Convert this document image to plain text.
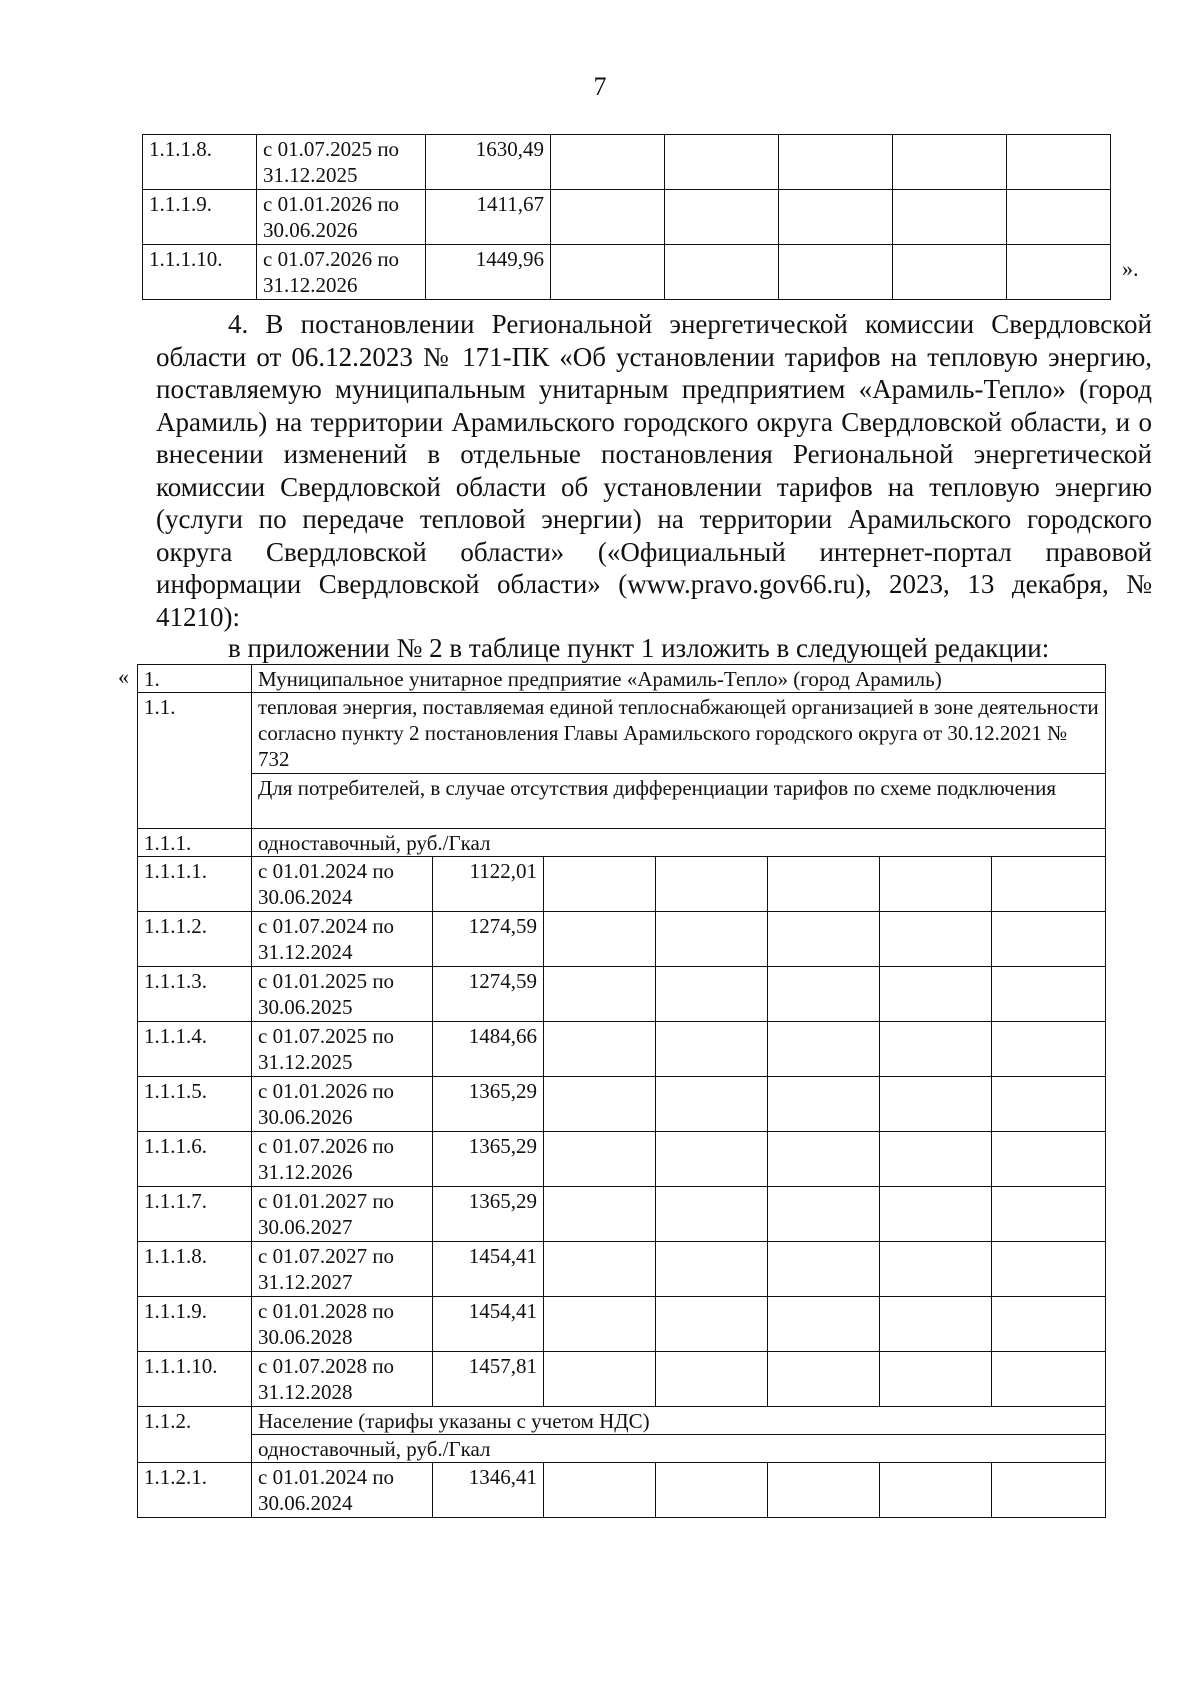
7
1.1.1.8.	с 01.07.2025 по 31.12.2025	1630,49					
1.1.1.9.	с 01.01.2026 по 30.06.2026	1411,67					
1.1.1.10.	с 01.07.2026 по 31.12.2026	1449,96						».

4. В постановлении Региональной энергетической комиссии Свердловской области от 06.12.2023 № 171-ПК «Об установлении тарифов на тепловую энергию, поставляемую муниципальным унитарным предприятием «Арамиль-Тепло» (город Арамиль) на территории Арамильского городского округа Свердловской области, и о внесении изменений в отдельные постановления Региональной энергетической комиссии Свердловской области об установлении тарифов на тепловую энергию (услуги по передаче тепловой энергии) на территории Арамильского городского округа Свердловской области» («Официальный интернет-портал правовой информации Свердловской области» (www.pravo.gov66.ru), 2023, 13 декабря, № 41210):

в приложении № 2 в таблице пункт 1 изложить в следующей редакции:

« 1.	Муниципальное унитарное предприятие «Арамиль-Тепло» (город Арамиль)						
1.1.	тепловая энергия, поставляемая единой теплоснабжающей организацией в зоне деятельности согласно пункту 2 постановления Главы Арамильского городского округа от 30.12.2021 № 732						
	Для потребителей, в случае отсутствия дифференциации тарифов по схеме подключения						
1.1.1.	одноставочный, руб./Гкал						
1.1.1.1.	с 01.01.2024 по 30.06.2024	1122,01					
1.1.1.2.	с 01.07.2024 по 31.12.2024	1274,59					
1.1.1.3.	с 01.01.2025 по 30.06.2025	1274,59					
1.1.1.4.	с 01.07.2025 по 31.12.2025	1484,66					
1.1.1.5.	с 01.01.2026 по 30.06.2026	1365,29					
1.1.1.6.	с 01.07.2026 по 31.12.2026	1365,29					
1.1.1.7.	с 01.01.2027 по 30.06.2027	1365,29					
1.1.1.8.	с 01.07.2027 по 31.12.2027	1454,41					
1.1.1.9.	с 01.01.2028 по 30.06.2028	1454,41					
1.1.1.10.	с 01.07.2028 по 31.12.2028	1457,81					
1.1.2.	Население (тарифы указаны с учетом НДС)						
	одноставочный, руб./Гкал						
1.1.2.1.	с 01.01.2024 по 30.06.2024	1346,41					
